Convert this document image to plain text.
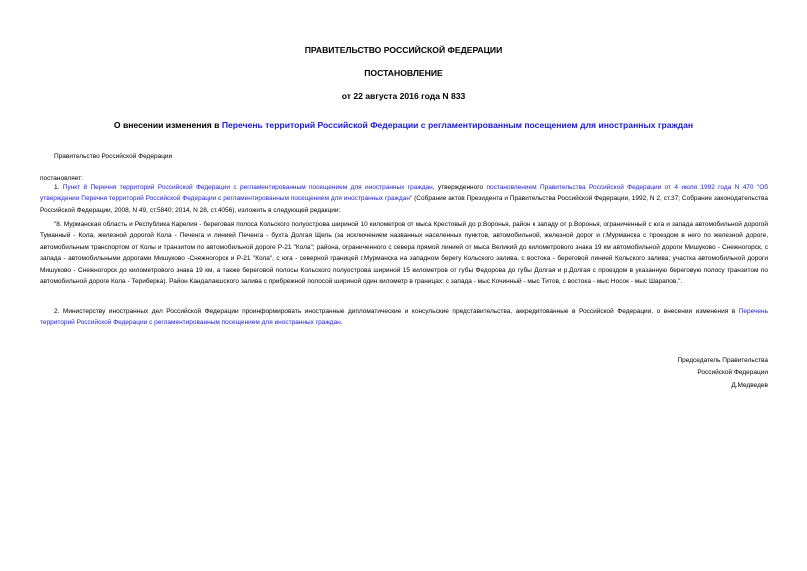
ПРАВИТЕЛЬСТВО РОССИЙСКОЙ ФЕДЕРАЦИИ
ПОСТАНОВЛЕНИЕ
от 22 августа 2016 года N 833
О внесении изменения в Перечень территорий Российской Федерации с регламентированным посещением для иностранных граждан
Правительство Российской Федерации
постановляет:
1. Пункт 8 Перечня территорий Российской Федерации с регламентированным посещением для иностранных граждан, утвержденного постановлением Правительства Российской Федерации от 4 июля 1992 года N 470 "Об утверждении Перечня территорий Российской Федерации с регламентированным посещением для иностранных граждан" (Собрание актов Президента и Правительства Российской Федерации, 1992, N 2, ст.37; Собрание законодательства Российской Федерации, 2008, N 49, ст.5840; 2014, N 28, ст.4056), изложить в следующей редакции:
"8. Мурманская область и Республика Карелия - береговая полоса Кольского полуострова шириной 10 километров от мыса Крестовый до р.Воронья, район к западу от р.Воронья, ограниченный с юга и запада автомобильной дорогой Туманный - Кола, железной дорогой Кола - Печенга и линией Печенга - бухта Долгая Щель (за исключением названных населенных пунктов, автомобильной, железной дорог и г.Мурманска с проездом в него по железной дороге, автомобильным транспортом от Колы и транзитом по автомобильной дороге Р-21 "Кола"; района, ограниченного с севера прямой линией от мыса Великий до километрового знака 19 км автомобильной дороги Мишуково - Снежногорск, с запада - автомобильными дорогами Мишуково -Снежногорск и Р-21 "Кола", с юга - северной границей г.Мурманска на западном берегу Кольского залива, с востока - береговой линией Кольского залива; участка автомобильной дороги Мишуково - Снежногорск до километрового знака 19 км, а также береговой полосы Кольского полуострова шириной 15 километров от губы Федорова до губы Долгая и р.Долгая с проездом в указанную береговую полосу транзитом по автомобильной дороге Кола - Териберка). Район Кандалакшского залива с прибрежной полосой шириной один километр в границах: с запада - мыс Кочинный - мыс Титов, с востока - мыс Носок - мыс Шарапов.".
2. Министерству иностранных дел Российской Федерации проинформировать иностранные дипломатические и консульские представительства, аккредитованные в Российской Федерации, о внесении изменения в Перечень территорий Российской Федерации с регламентированным посещением для иностранных граждан.
Председатель Правительства
Российской Федерации
Д.Медведев
